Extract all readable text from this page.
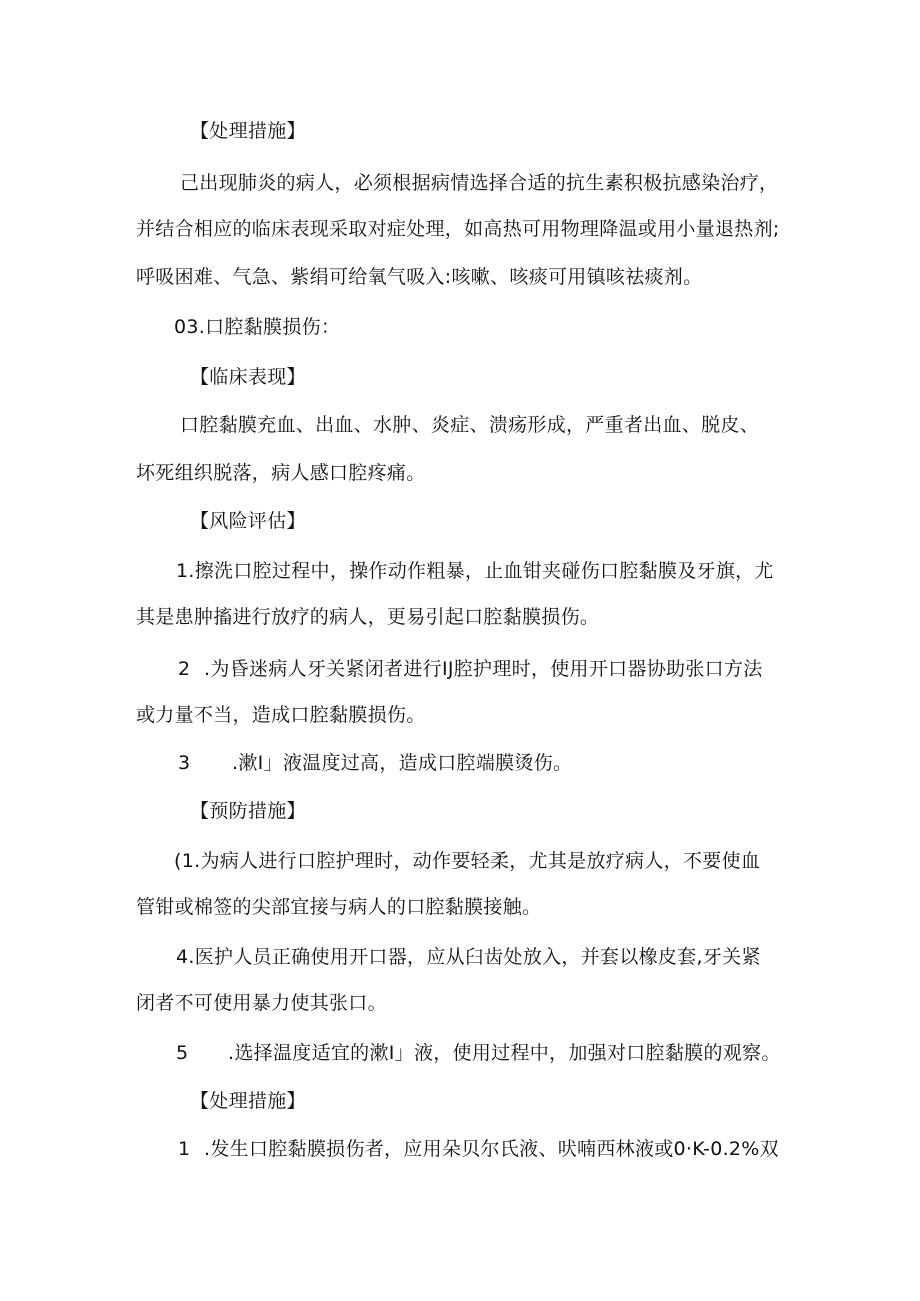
【处理措施】
己出现肺炎的病人，必须根据病情选择合适的抗生素积极抗感染治疗，
并结合相应的临床表现采取对症处理，如高热可用物理降温或用小量退热剂;
呼吸困难、气急、紫绢可给氧气吸入:咳嗽、咳痰可用镇咳祛痰剂。
03.口腔黏膜损伤：
【临床表现】
口腔黏膜充血、出血、水肿、炎症、溃疡形成，严重者出血、脱皮、
坏死组织脱落，病人感口腔疼痛。
【风险评估】
1.擦洗口腔过程中，操作动作粗暴，止血钳夹碰伤口腔黏膜及牙旗，尤
其是患肿搐进行放疗的病人，更易引起口腔黏膜损伤。
2 .为昏迷病人牙关紧闭者进行IJ腔护理时，使用开口器协助张口方法
或力量不当，造成口腔黏膜损伤。
3 .漱I」液温度过高，造成口腔端膜烫伤。
【预防措施】
(1.为病人进行口腔护理时，动作要轻柔，尤其是放疗病人，不要使血
管钳或棉签的尖部宜接与病人的口腔黏膜接触。
4.医护人员正确使用开口器，应从臼齿处放入，并套以橡皮套,牙关紧
闭者不可使用暴力使其张口。
5 .选择温度适宜的漱I」液，使用过程中，加强对口腔黏膜的观察。
【处理措施】
1 .发生口腔黏膜损伤者，应用朵贝尔氏液、吠喃西林液或0·K-0.2%双
